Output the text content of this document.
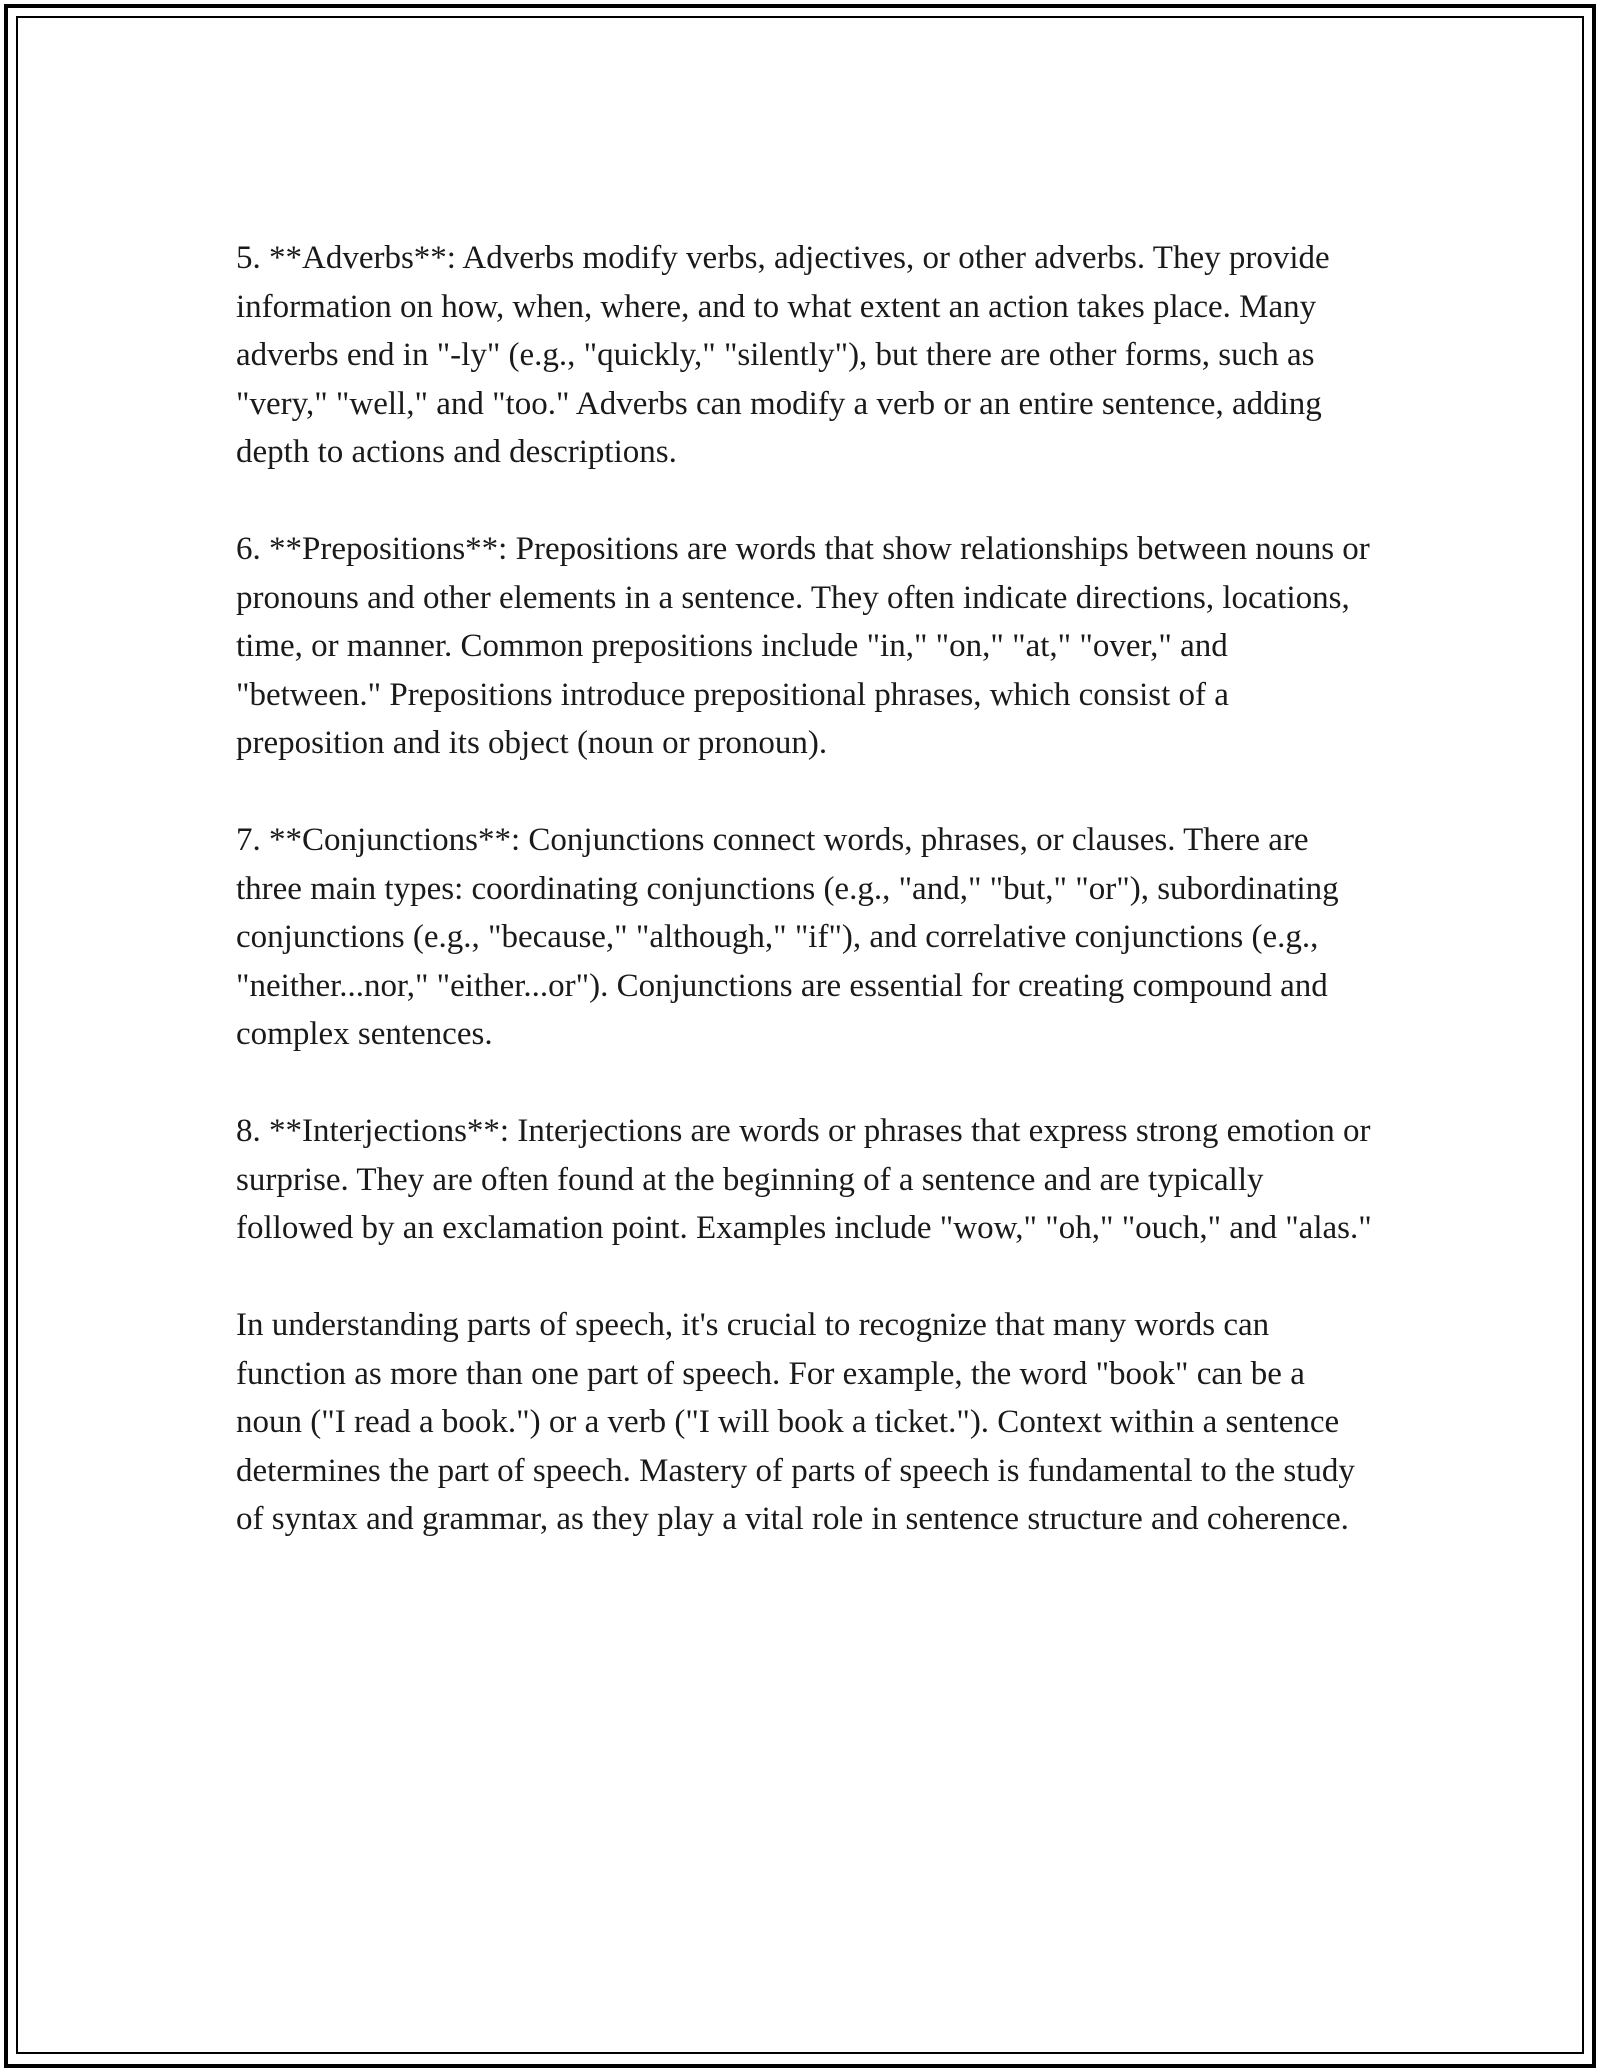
5. **Adverbs**: Adverbs modify verbs, adjectives, or other adverbs. They provide information on how, when, where, and to what extent an action takes place. Many adverbs end in "-ly" (e.g., "quickly," "silently"), but there are other forms, such as "very," "well," and "too." Adverbs can modify a verb or an entire sentence, adding depth to actions and descriptions.

6. **Prepositions**: Prepositions are words that show relationships between nouns or pronouns and other elements in a sentence. They often indicate directions, locations, time, or manner. Common prepositions include "in," "on," "at," "over," and "between." Prepositions introduce prepositional phrases, which consist of a preposition and its object (noun or pronoun).

7. **Conjunctions**: Conjunctions connect words, phrases, or clauses. There are three main types: coordinating conjunctions (e.g., "and," "but," "or"), subordinating conjunctions (e.g., "because," "although," "if"), and correlative conjunctions (e.g., "neither...nor," "either...or"). Conjunctions are essential for creating compound and complex sentences.

8. **Interjections**: Interjections are words or phrases that express strong emotion or surprise. They are often found at the beginning of a sentence and are typically followed by an exclamation point. Examples include "wow," "oh," "ouch," and "alas."

In understanding parts of speech, it's crucial to recognize that many words can function as more than one part of speech. For example, the word "book" can be a noun ("I read a book.") or a verb ("I will book a ticket."). Context within a sentence determines the part of speech. Mastery of parts of speech is fundamental to the study of syntax and grammar, as they play a vital role in sentence structure and coherence.
